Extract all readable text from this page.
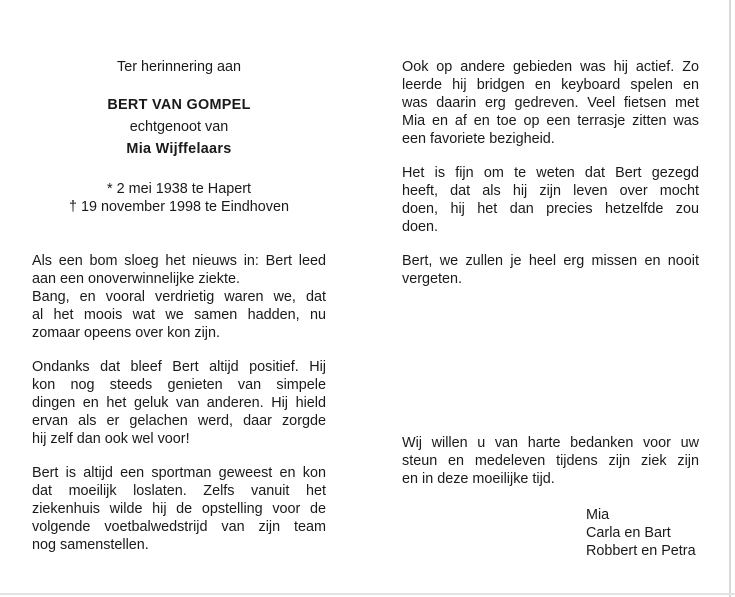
Ter herinnering aan
BERT VAN GOMPEL
echtgenoot van
Mia Wijffelaars
* 2 mei 1938 te Hapert
† 19 november 1998 te Eindhoven
Als een bom sloeg het nieuws in: Bert leed
aan een onoverwinnelijke ziekte.
Bang, en vooral verdrietig waren we, dat
al het moois wat we samen hadden, nu
zomaar opeens over kon zijn.
Ondanks dat bleef Bert altijd positief. Hij
kon nog steeds genieten van simpele
dingen en het geluk van anderen. Hij hield
ervan als er gelachen werd, daar zorgde
hij zelf dan ook wel voor!
Bert is altijd een sportman geweest en kon
dat moeilijk loslaten. Zelfs vanuit het
ziekenhuis wilde hij de opstelling voor de
volgende voetbalwedstrijd van zijn team
nog samenstellen.
Ook op andere gebieden was hij actief. Zo
leerde hij bridgen en keyboard spelen en
was daarin erg gedreven. Veel fietsen met
Mia en af en toe op een terrasje zitten was
een favoriete bezigheid.
Het is fijn om te weten dat Bert gezegd
heeft, dat als hij zijn leven over mocht
doen, hij het dan precies hetzelfde zou
doen.
Bert, we zullen je heel erg missen en nooit
vergeten.
Wij willen u van harte bedanken voor uw
steun en medeleven tijdens zijn ziek zijn
en in deze moeilijke tijd.
Mia
Carla en Bart
Robbert en Petra
